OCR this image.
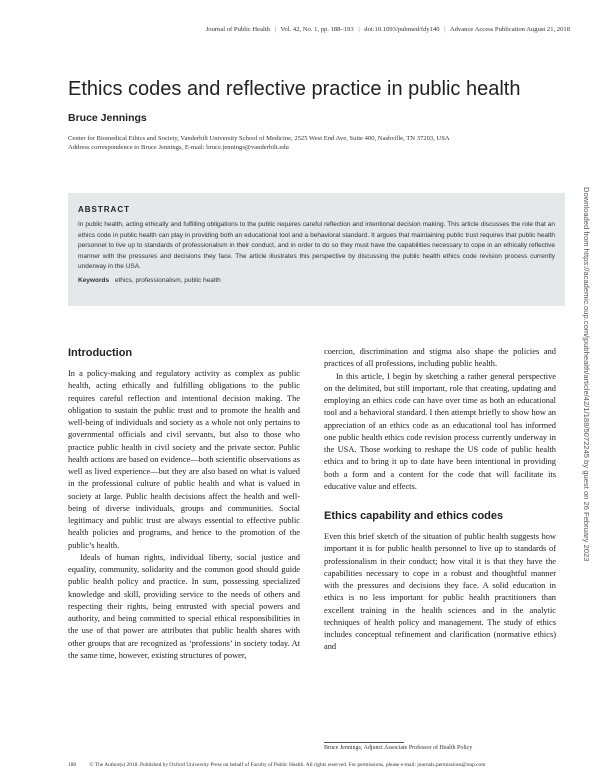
Journal of Public Health | Vol. 42, No. 1, pp. 188–193 | doi:10.1093/pubmed/fdy140 | Advance Access Publication August 21, 2018
Ethics codes and reflective practice in public health
Bruce Jennings
Center for Biomedical Ethics and Society, Vanderbilt University School of Medicine, 2525 West End Ave, Suite 400, Nashville, TN 37203, USA
Address correspondence to Bruce Jennings, E-mail: bruce.jennings@vanderbilt.edu
ABSTRACT
In public health, acting ethically and fulfilling obligations to the public requires careful reflection and intentional decision making. This article discusses the role that an ethics code in public health can play in providing both an educational tool and a behavioral standard. It argues that maintaining public trust requires that public health personnel to live up to standards of professionalism in their conduct, and in order to do so they must have the capabilities necessary to cope in an ethically reflective manner with the pressures and decisions they face. The article illustrates this perspective by discussing the public health ethics code revision process currently underway in the USA.
Keywords ethics, professionalism, public health
Introduction

In a policy-making and regulatory activity as complex as public health, acting ethically and fulfilling obligations to the public requires careful reflection and intentional decision making. The obligation to sustain the public trust and to promote the health and well-being of individuals and society as a whole not only pertains to governmental officials and civil servants, but also to those who practice public health in civil society and the private sector. Public health actions are based on evidence—both scientific observations as well as lived experience—but they are also based on what is valued in the professional culture of public health and what is valued in society at large. Public health decisions affect the health and well-being of diverse individuals, groups and communities. Social legitimacy and public trust are always essential to effective public health policies and programs, and hence to the promotion of the public’s health.

Ideals of human rights, individual liberty, social justice and equality, community, solidarity and the common good should guide public health policy and practice. In sum, possessing specialized knowledge and skill, providing service to the needs of others and respecting their rights, being entrusted with special powers and authority, and being committed to special ethical responsibilities in the use of that power are attributes that public health shares with other groups that are recognized as ‘professions’ in society today. At the same time, however, existing structures of power,

coercion, discrimination and stigma also shape the policies and practices of all professions, including public health.

In this article, I begin by sketching a rather general perspective on the delimited, but still important, role that creating, updating and employing an ethics code can have over time as both an educational tool and a behavioral standard. I then attempt briefly to show how an appreciation of an ethics code as an educational tool has informed one public health ethics code revision process currently underway in the USA. Those working to reshape the US code of public health ethics and to bring it up to date have been intentional in providing both a form and a content for the code that will facilitate its educative value and effects.

Ethics capability and ethics codes

Even this brief sketch of the situation of public health suggests how important it is for public health personnel to live up to standards of professionalism in their conduct; how vital it is that they have the capabilities necessary to cope in a robust and thoughtful manner with the pressures and decisions they face. A solid education in ethics is no less important for public health practitioners than excellent training in the health sciences and in the analytic techniques of health policy and management. The study of ethics includes conceptual refinement and clarification (normative ethics) and

Bruce Jennings, Adjunct Associate Professor of Health Policy
188 © The Author(s) 2018. Published by Oxford University Press on behalf of Faculty of Public Health. All rights reserved. For permissions, please e-mail: journals.permissions@oup.com
Downloaded from https://academic.oup.com/jpubhealth/article/42/1/188/5072245 by guest on 26 February 2023
